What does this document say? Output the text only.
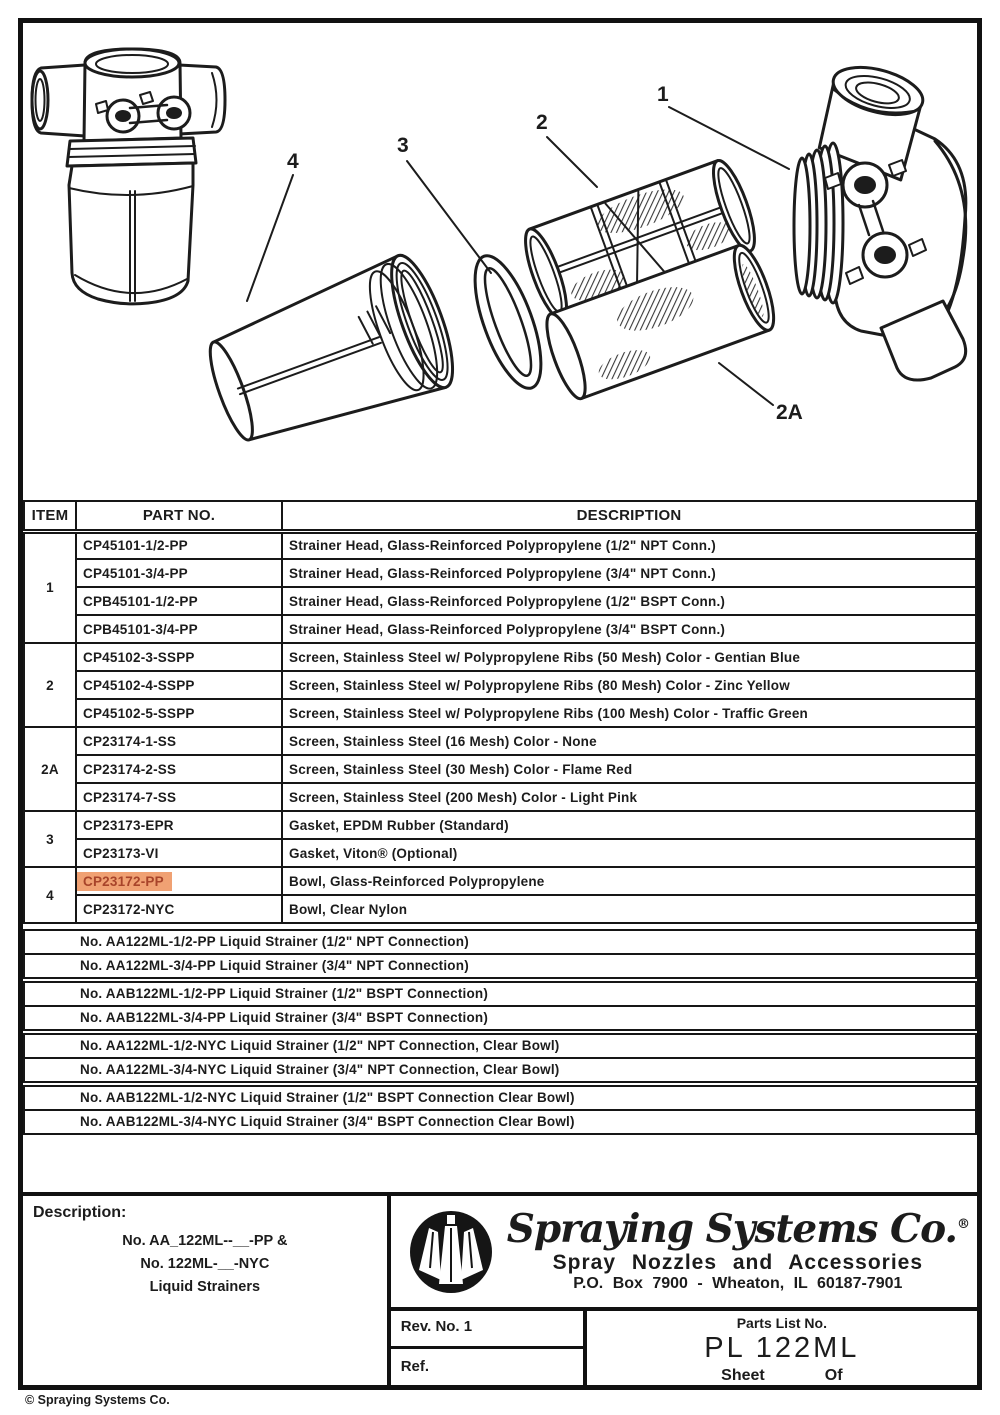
1
2
3
4
2A
ITEM	PART NO.	DESCRIPTION
1	CP45101-1/2-PP	Strainer Head, Glass-Reinforced Polypropylene (1/2" NPT Conn.)
	CP45101-3/4-PP	Strainer Head, Glass-Reinforced Polypropylene (3/4" NPT Conn.)
	CPB45101-1/2-PP	Strainer Head, Glass-Reinforced Polypropylene (1/2" BSPT Conn.)
	CPB45101-3/4-PP	Strainer Head, Glass-Reinforced Polypropylene (3/4" BSPT Conn.)
2	CP45102-3-SSPP	Screen, Stainless Steel w/ Polypropylene Ribs (50 Mesh) Color - Gentian Blue
	CP45102-4-SSPP	Screen, Stainless Steel w/ Polypropylene Ribs (80 Mesh) Color - Zinc Yellow
	CP45102-5-SSPP	Screen, Stainless Steel w/ Polypropylene Ribs (100 Mesh) Color - Traffic Green
2A	CP23174-1-SS	Screen, Stainless Steel (16 Mesh) Color - None
	CP23174-2-SS	Screen, Stainless Steel (30 Mesh) Color - Flame Red
	CP23174-7-SS	Screen, Stainless Steel (200 Mesh) Color - Light Pink
3	CP23173-EPR	Gasket, EPDM Rubber (Standard)
	CP23173-VI	Gasket, Viton® (Optional)
4	CP23172-PP	Bowl, Glass-Reinforced Polypropylene
	CP23172-NYC	Bowl, Clear Nylon
No. AA122ML-1/2-PP Liquid Strainer (1/2" NPT Connection)
No. AA122ML-3/4-PP Liquid Strainer (3/4" NPT Connection)
No. AAB122ML-1/2-PP Liquid Strainer (1/2" BSPT Connection)
No. AAB122ML-3/4-PP Liquid Strainer (3/4" BSPT Connection)
No. AA122ML-1/2-NYC Liquid Strainer (1/2" NPT Connection, Clear Bowl)
No. AA122ML-3/4-NYC Liquid Strainer (3/4" NPT Connection, Clear Bowl)
No. AAB122ML-1/2-NYC Liquid Strainer (1/2" BSPT Connection Clear Bowl)
No. AAB122ML-3/4-NYC Liquid Strainer (3/4" BSPT Connection Clear Bowl)
Description:
No. AA_122ML--__-PP &
No. 122ML-__-NYC
Liquid Strainers
Spraying Systems Co.®
Spray Nozzles and Accessories
P.O. Box 7900 - Wheaton, IL 60187-7901
Rev. No. 1
Ref.
Parts List No.
PL 122ML
Sheet	Of
© Spraying Systems Co.
